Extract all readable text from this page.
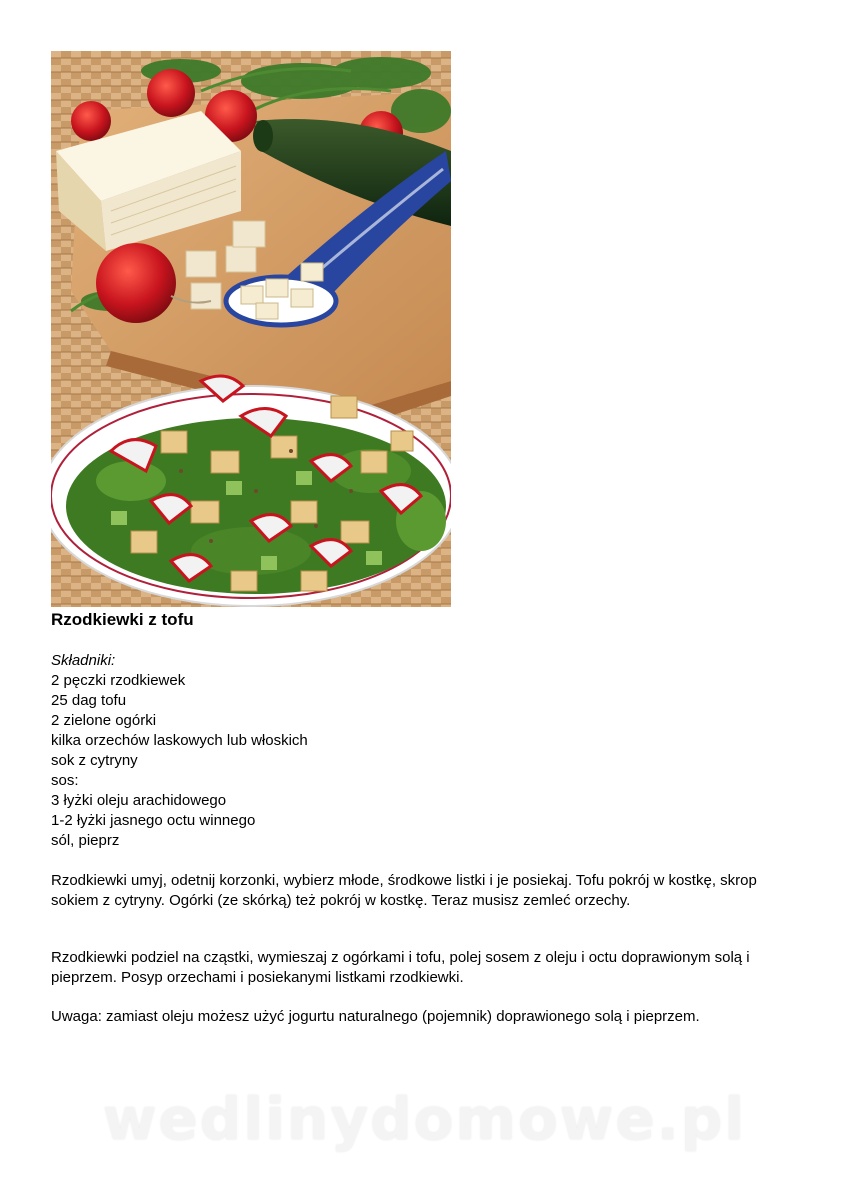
Rzodkiewki z tofu
Składniki:
2 pęczki rzodkiewek
25 dag tofu
2 zielone ogórki
kilka orzechów laskowych lub włoskich
sok z cytryny
sos:
3 łyżki oleju arachidowego
1-2 łyżki jasnego octu winnego
sól, pieprz

Rzodkiewki umyj, odetnij korzonki, wybierz młode, środkowe listki i je posiekaj. Tofu pokrój w kostkę, skrop sokiem z cytryny. Ogórki (ze skórką) też pokrój w kostkę. Teraz musisz zemleć orzechy.

Rzodkiewki podziel na cząstki, wymieszaj z ogórkami i tofu, polej sosem z oleju i octu doprawionym solą i pieprzem. Posyp orzechami i posiekanymi listkami rzodkiewki.

Uwaga: zamiast oleju możesz użyć jogurtu naturalnego (pojemnik) doprawionego solą i pieprzem.

wedlinydomowe.pl
